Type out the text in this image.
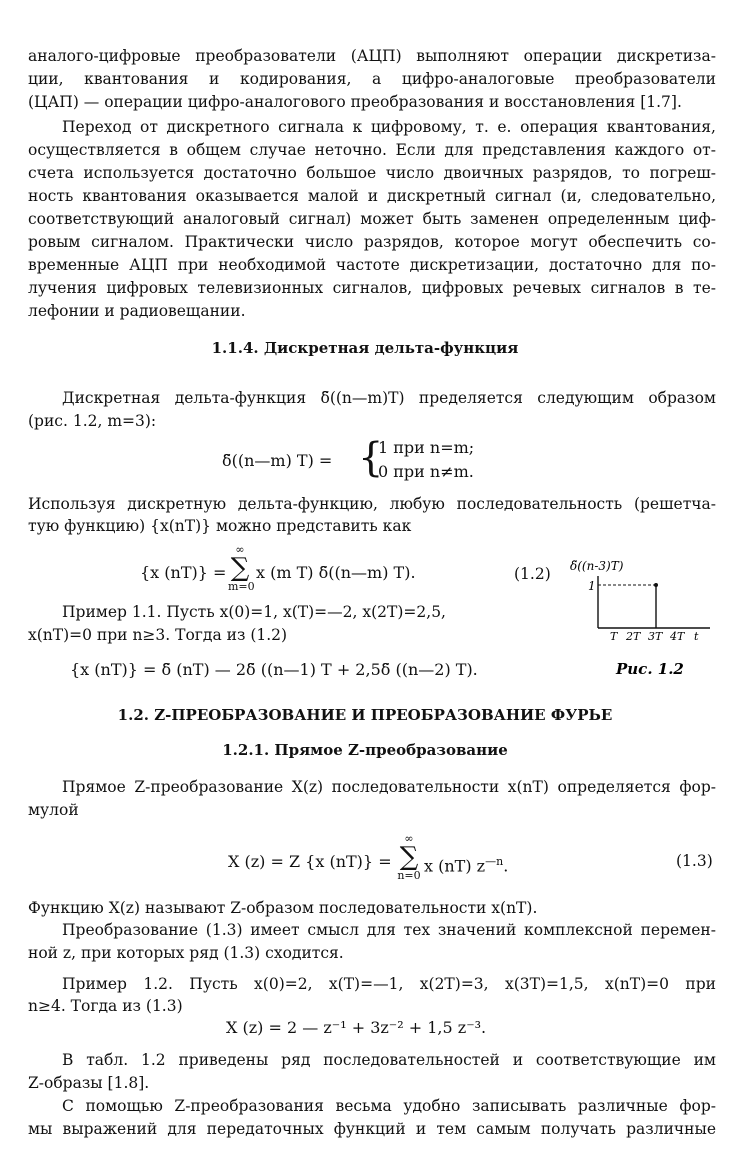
аналого-цифровые преобразователи (АЦП) выполняют операции дискретиза-
ции, квантования и кодирования, а цифро-аналоговые преобразователи
(ЦАП) — операции цифро-аналогового преобразования и восстановления [1.7].
Переход от дискретного сигнала к цифровому, т. е. операция квантования,
осуществляется в общем случае неточно. Если для представления каждого от-
счета используется достаточно большое число двоичных разрядов, то погреш-
ность квантования оказывается малой и дискретный сигнал (и, следовательно,
соответствующий аналоговый сигнал) может быть заменен определенным циф-
ровым сигналом. Практически число разрядов, которое могут обеспечить со-
временные АЦП при необходимой частоте дискретизации, достаточно для по-
лучения цифровых телевизионных сигналов, цифровых речевых сигналов в те-
лефонии и радиовещании.
1.1.4. Дискретная дельта-функция
Дискретная дельта-функция δ̃((n—m)T) пределяется следующим образом
(рис. 1.2, m=3):
δ̃((n—m) T) = {
1 при n=m;
0 при n≠m.
Используя дискретную дельта-функцию, любую последовательность (решетча-
тую функцию) {x(nT)} можно представить как
{x (nT)} =
∞
∑
m=0
x (m T) δ̃((n—m) T).	(1.2)
Пример 1.1. Пусть x(0)=1, x(T)=—2, x(2T)=2,5,
x(nT)=0 при n≥3. Тогда из (1.2)
{x (nT)} = δ̃ (nT) — 2δ̃ ((n—1) T + 2,5δ̃ ((n—2) T).
δ̃((n-3)T)
1
T 2T 3T 4T t
Рис. 1.2
1.2. Z-ПРЕОБРАЗОВАНИЕ И ПРЕОБРАЗОВАНИЕ ФУРЬЕ
1.2.1. Прямое Z-преобразование
Прямое Z-преобразование X(z) последовательности x(nT) определяется фор-
мулой
X (z) = Z {x (nT)} =
∞
∑
n=0
x (nT) $z^{—n}$.	(1.3)
Функцию X(z) называют Z-образом последовательности x(nT).
Преобразование (1.3) имеет смысл для тех значений комплексной перемен-
ной z, при которых ряд (1.3) сходится.
Пример 1.2. Пусть x(0)=2, x(T)=—1, x(2T)=3, x(3T)=1,5, x(nT)=0 при
n≥4. Тогда из (1.3)
X (z) = 2 — z⁻¹ + 3z⁻² + 1,5 z⁻³.
В табл. 1.2 приведены ряд последовательностей и соответствующие им
Z-образы [1.8].
С помощью Z-преобразования весьма удобно записывать различные фор-
мы выражений для передаточных функций и тем самым получать различные
